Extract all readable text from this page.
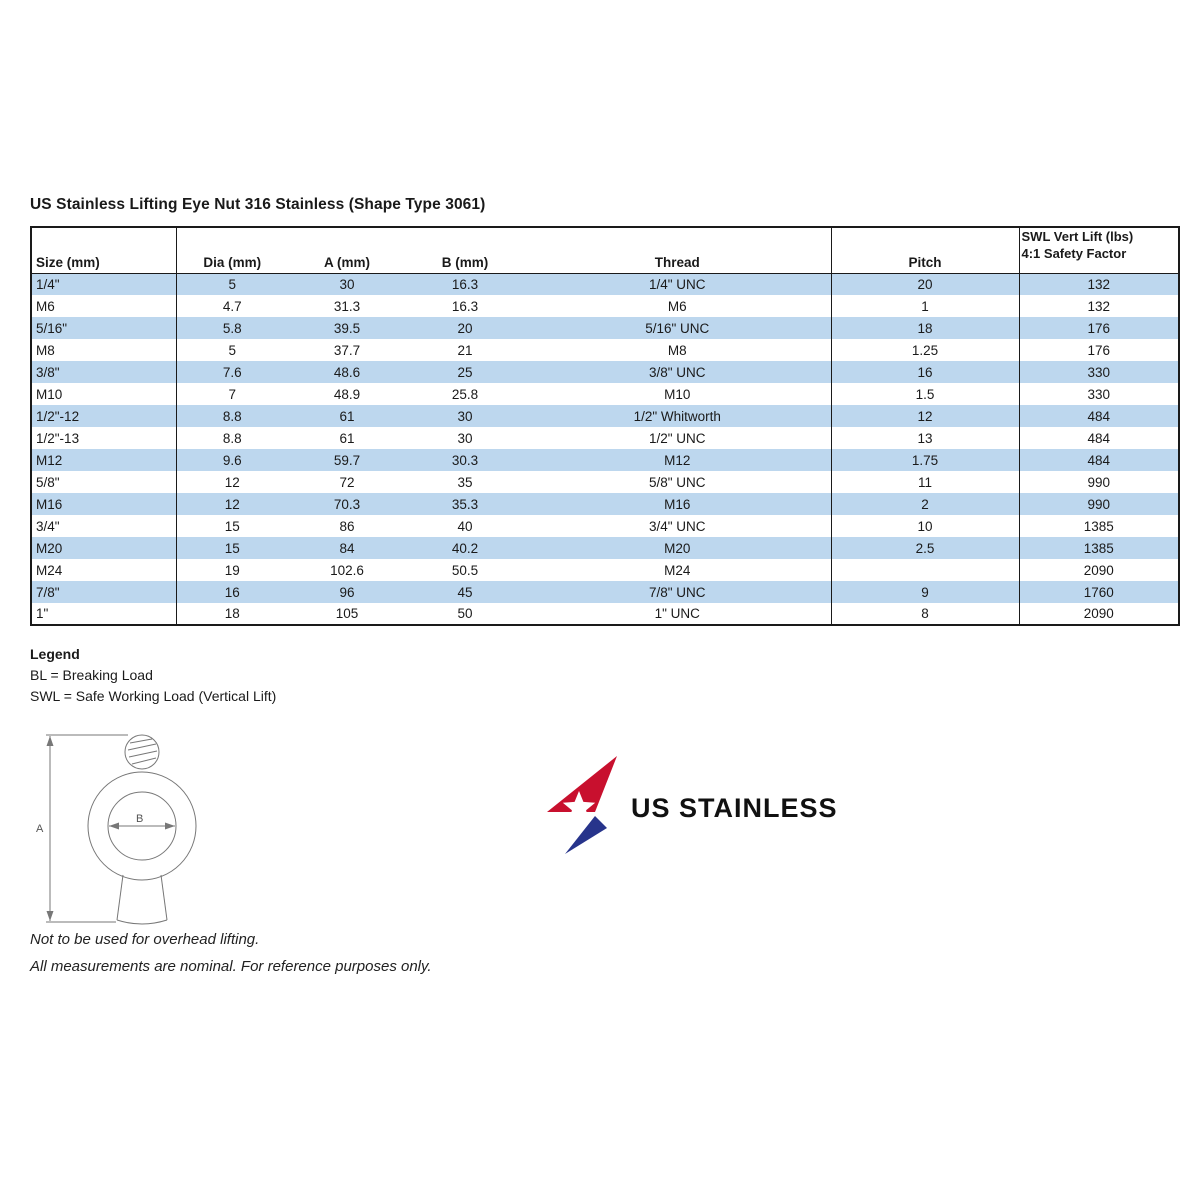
US Stainless Lifting Eye Nut 316 Stainless (Shape Type 3061)
Size (mm)	Dia (mm)	A (mm)	B (mm)	Thread	Pitch	SWL Vert Lift (lbs)
4:1 Safety Factor
1/4"	5	30	16.3	1/4" UNC	20	132
M6	4.7	31.3	16.3	M6	1	132
5/16"	5.8	39.5	20	5/16" UNC	18	176
M8	5	37.7	21	M8	1.25	176
3/8"	7.6	48.6	25	3/8" UNC	16	330
M10	7	48.9	25.8	M10	1.5	330
1/2"-12	8.8	61	30	1/2" Whitworth	12	484
1/2"-13	8.8	61	30	1/2" UNC	13	484
M12	9.6	59.7	30.3	M12	1.75	484
5/8"	12	72	35	5/8" UNC	11	990
M16	12	70.3	35.3	M16	2	990
3/4"	15	86	40	3/4" UNC	10	1385
M20	15	84	40.2	M20	2.5	1385
M24	19	102.6	50.5	M24		2090
7/8"	16	96	45	7/8" UNC	9	1760
1"	18	105	50	1" UNC	8	2090
Legend
BL = Breaking Load
SWL = Safe Working Load (Vertical Lift)
A
B	US STAINLESS
Not to be used for overhead lifting.
All measurements are nominal. For reference purposes only.
